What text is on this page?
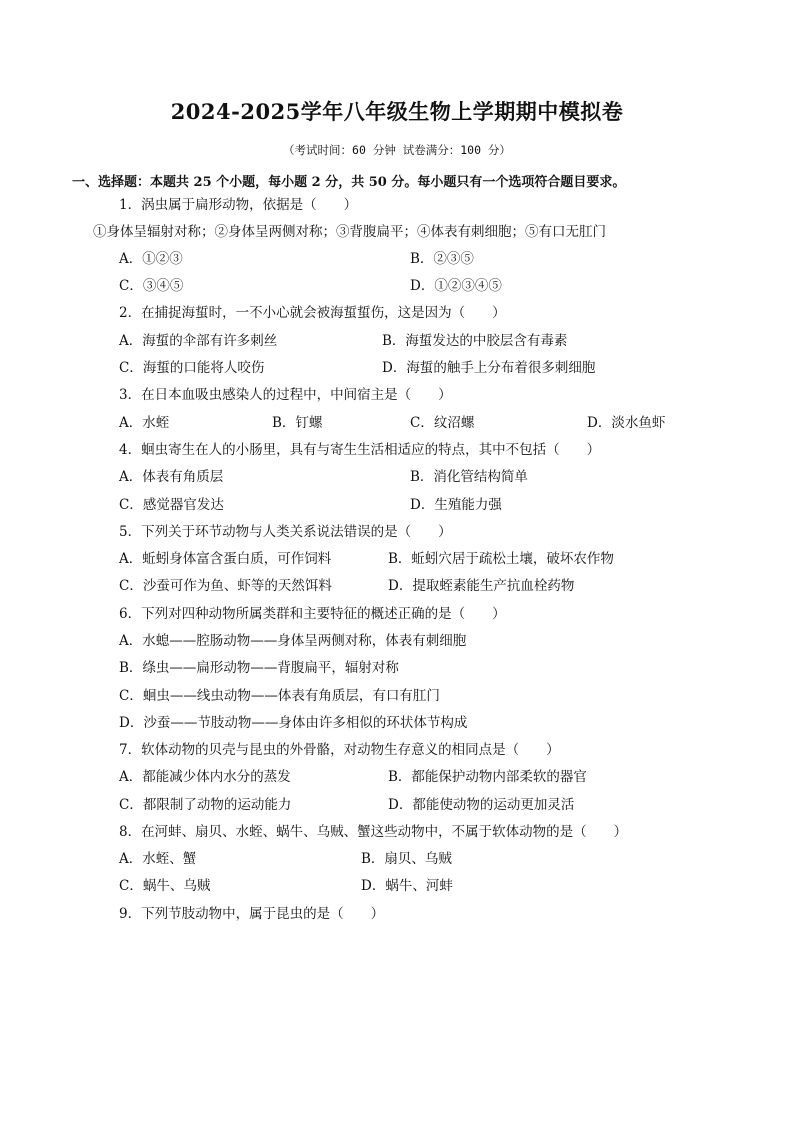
2024-2025学年八年级生物上学期期中模拟卷
（考试时间：60 分钟 试卷满分：100 分）
一、选择题：本题共 25 个小题，每小题 2 分，共 50 分。每小题只有一个选项符合题目要求。
1．涡虫属于扁形动物，依据是（　　）
①身体呈辐射对称；②身体呈两侧对称；③背腹扁平；④体表有刺细胞；⑤有口无肛门
A．①②③	B．②③⑤
C．③④⑤	D．①②③④⑤
2．在捕捉海蜇时，一不小心就会被海蜇蜇伤，这是因为（　　）
A．海蜇的伞部有许多刺丝	B．海蜇发达的中胶层含有毒素
C．海蜇的口能将人咬伤	D．海蜇的触手上分布着很多刺细胞
3．在日本血吸虫感染人的过程中，中间宿主是（　　）
A．水蛭	B．钉螺	C．纹沼螺	D．淡水鱼虾
4．蛔虫寄生在人的小肠里，具有与寄生生活相适应的特点，其中不包括（　　）
A．体表有角质层	B．消化管结构简单
C．感觉器官发达	D．生殖能力强
5．下列关于环节动物与人类关系说法错误的是（　　）
A．蚯蚓身体富含蛋白质，可作饲料	B．蚯蚓穴居于疏松土壤，破坏农作物
C．沙蚕可作为鱼、虾等的天然饵料	D．提取蛭素能生产抗血栓药物
6．下列对四种动物所属类群和主要特征的概述正确的是（　　）
A．水螅——腔肠动物——身体呈两侧对称，体表有刺细胞
B．绦虫——扁形动物——背腹扁平，辐射对称
C．蛔虫——线虫动物——体表有角质层，有口有肛门
D．沙蚕——节肢动物——身体由许多相似的环状体节构成
7．软体动物的贝壳与昆虫的外骨骼，对动物生存意义的相同点是（　　）
A．都能减少体内水分的蒸发	B．都能保护动物内部柔软的器官
C．都限制了动物的运动能力	D．都能使动物的运动更加灵活
8．在河蚌、扇贝、水蛭、蜗牛、乌贼、蟹这些动物中，不属于软体动物的是（　　）
A．水蛭、蟹	B．扇贝、乌贼
C．蜗牛、乌贼	D．蜗牛、河蚌
9．下列节肢动物中，属于昆虫的是（　　）
